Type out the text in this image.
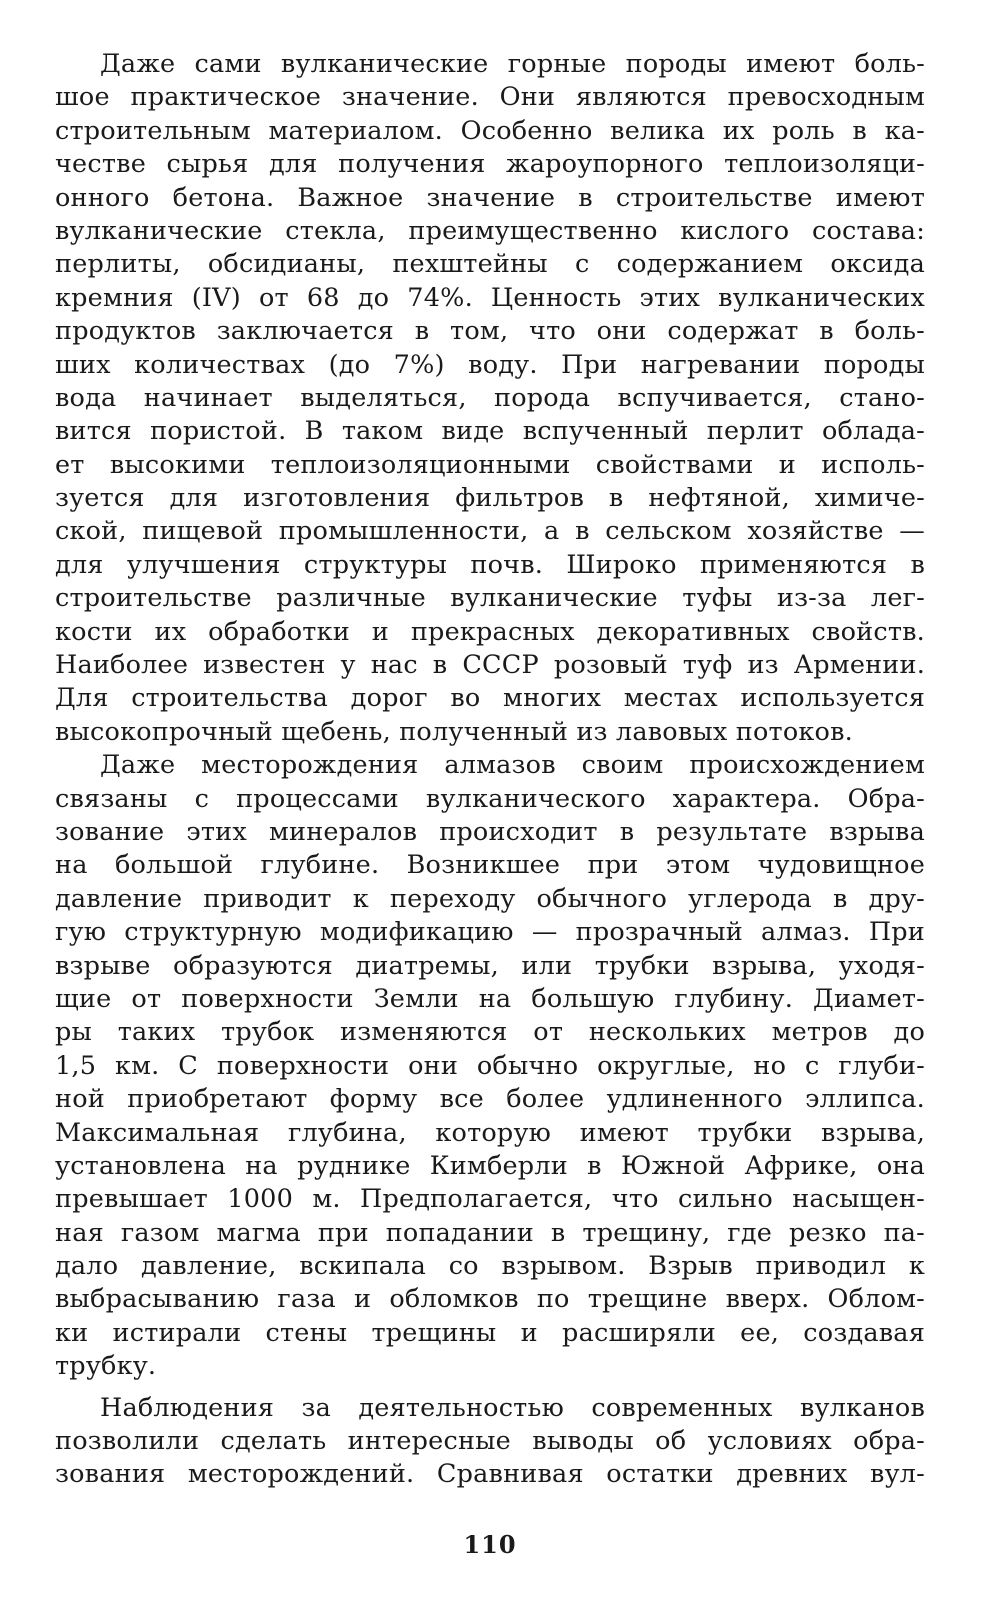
Даже сами вулканические горные породы имеют боль-
шое практическое значение. Они являются превосходным
строительным материалом. Особенно велика их роль в ка-
честве сырья для получения жароупорного теплоизоляци-
онного бетона. Важное значение в строительстве имеют
вулканические стекла, преимущественно кислого состава:
перлиты, обсидианы, пехштейны с содержанием оксида
кремния (IV) от 68 до 74%. Ценность этих вулканических
продуктов заключается в том, что они содержат в боль-
ших количествах (до 7%) воду. При нагревании породы
вода начинает выделяться, порода вспучивается, стано-
вится пористой. В таком виде вспученный перлит облада-
ет высокими теплоизоляционными свойствами и исполь-
зуется для изготовления фильтров в нефтяной, химиче-
ской, пищевой промышленности, а в сельском хозяйстве —
для улучшения структуры почв. Широко применяются в
строительстве различные вулканические туфы из-за лег-
кости их обработки и прекрасных декоративных свойств.
Наиболее известен у нас в СССР розовый туф из Армении.
Для строительства дорог во многих местах используется
высокопрочный щебень, полученный из лавовых потоков.
Даже месторождения алмазов своим происхождением
связаны с процессами вулканического характера. Обра-
зование этих минералов происходит в результате взрыва
на большой глубине. Возникшее при этом чудовищное
давление приводит к переходу обычного углерода в дру-
гую структурную модификацию — прозрачный алмаз. При
взрыве образуются диатремы, или трубки взрыва, уходя-
щие от поверхности Земли на большую глубину. Диамет-
ры таких трубок изменяются от нескольких метров до
1,5 км. С поверхности они обычно округлые, но с глуби-
ной приобретают форму все более удлиненного эллипса.
Максимальная глубина, которую имеют трубки взрыва,
установлена на руднике Кимберли в Южной Африке, она
превышает 1000 м. Предполагается, что сильно насыщен-
ная газом магма при попадании в трещину, где резко па-
дало давление, вскипала со взрывом. Взрыв приводил к
выбрасыванию газа и обломков по трещине вверх. Облом-
ки истирали стены трещины и расширяли ее, создавая
трубку.
Наблюдения за деятельностью современных вулканов
позволили сделать интересные выводы об условиях обра-
зования месторождений. Сравнивая остатки древних вул-
110
